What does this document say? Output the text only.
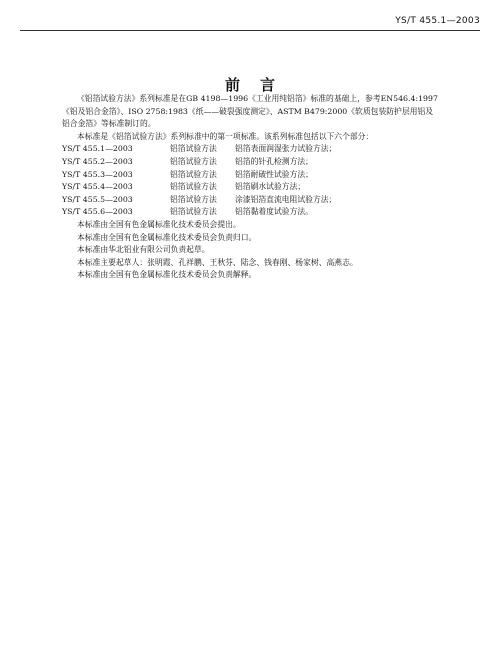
YS/T 455.1—2003
前言

《铝箔试验方法》系列标准是在GB 4198—1996《工业用纯铝箔》标准的基础上，参考EN546.4:1997《铝及铝合金箔》、ISO 2758:1983《纸——破裂强度测定》、ASTM B479:2000《软质包装防护层用铝及铝合金箔》等标准制订的。

本标准是《铝箔试验方法》系列标准中的第一项标准。该系列标准包括以下六个部分：

YS/T 455.1—2003	铝箔试验方法	铝箔表面润湿张力试验方法；
YS/T 455.2—2003	铝箔试验方法	铝箔的针孔检测方法；
YS/T 455.3—2003	铝箔试验方法	铝箔耐破性试验方法；
YS/T 455.4—2003	铝箔试验方法	铝箔刷水试验方法；
YS/T 455.5—2003	铝箔试验方法	涂漆铝箔直流电阻试验方法；
YS/T 455.6—2003	铝箔试验方法	铝箔黏着度试验方法。

本标准由全国有色金属标准化技术委员会提出。

本标准由全国有色金属标准化技术委员会负责归口。

本标准由华北铝业有限公司负责起草。

本标准主要起草人：张明霞、孔祥鹏、王秋芬、陆念、钱春刚、杨家树、高燕志。

本标准由全国有色金属标准化技术委员会负责解释。
